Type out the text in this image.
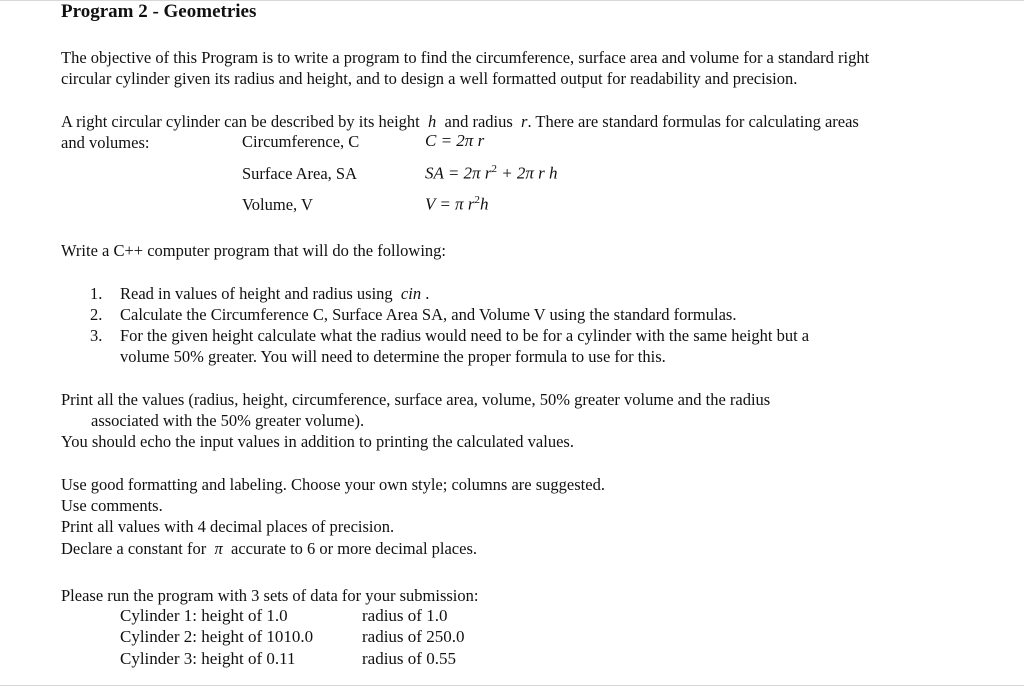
Program 2 - Geometries
The objective of this Program is to write a program to find the circumference, surface area and volume for a standard right
circular cylinder given its radius and height, and to design a well formatted output for readability and precision.
A right circular cylinder can be described by its height h and radius r. There are standard formulas for calculating areas
and volumes:	Circumference, C	C = 2π r
Surface Area, SA	SA = 2π $r^2 + 2\pi$ r h
Volume, V	V = π $r^2h$
Write a C++ computer program that will do the following:
1. Read in values of height and radius using cin .
2. Calculate the Circumference C, Surface Area SA, and Volume V using the standard formulas.
3. For the given height calculate what the radius would need to be for a cylinder with the same height but a
volume 50% greater. You will need to determine the proper formula to use for this.
Print all the values (radius, height, circumference, surface area, volume, 50% greater volume and the radius
associated with the 50% greater volume).
You should echo the input values in addition to printing the calculated values.
Use good formatting and labeling. Choose your own style; columns are suggested.
Use comments.
Print all values with 4 decimal places of precision.
Declare a constant for π accurate to 6 or more decimal places.
Please run the program with 3 sets of data for your submission:
Cylinder 1: height of 1.0	radius of 1.0
Cylinder 2: height of 1010.0	radius of 250.0
Cylinder 3: height of 0.11	radius of 0.55
